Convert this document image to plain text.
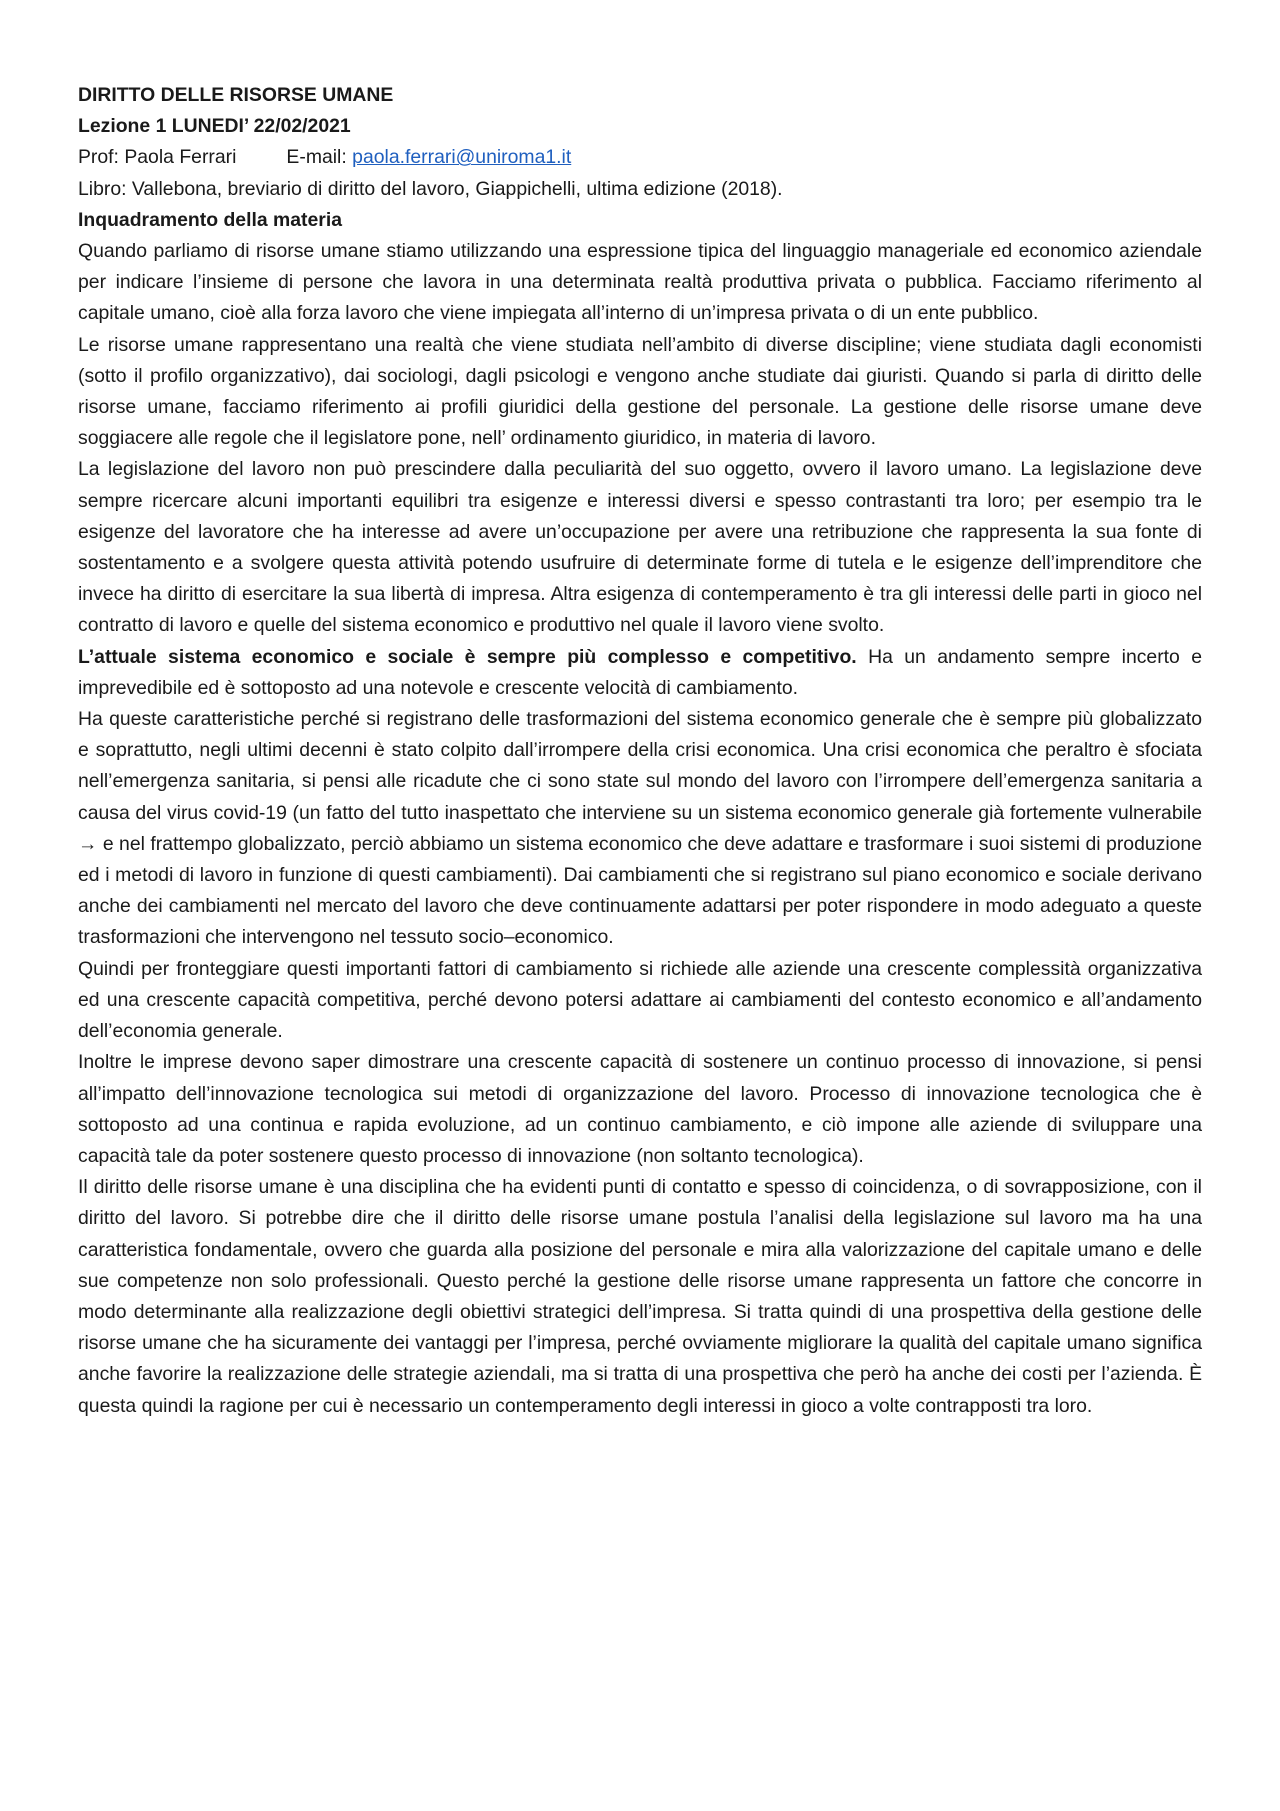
DIRITTO DELLE RISORSE UMANE
Lezione 1 LUNEDI’ 22/02/2021
Prof: Paola Ferrari	E-mail: paola.ferrari@uniroma1.it
Libro: Vallebona, breviario di diritto del lavoro, Giappichelli, ultima edizione (2018).
Inquadramento della materia

Quando parliamo di risorse umane stiamo utilizzando una espressione tipica del linguaggio manageriale ed economico aziendale per indicare l’insieme di persone che lavora in una determinata realtà produttiva privata o pubblica. Facciamo riferimento al capitale umano, cioè alla forza lavoro che viene impiegata all’interno di un’impresa privata o di un ente pubblico.

Le risorse umane rappresentano una realtà che viene studiata nell’ambito di diverse discipline; viene studiata dagli economisti (sotto il profilo organizzativo), dai sociologi, dagli psicologi e vengono anche studiate dai giuristi. Quando si parla di diritto delle risorse umane, facciamo riferimento ai profili giuridici della gestione del personale. La gestione delle risorse umane deve soggiacere alle regole che il legislatore pone, nell’ ordinamento giuridico, in materia di lavoro.

La legislazione del lavoro non può prescindere dalla peculiarità del suo oggetto, ovvero il lavoro umano. La legislazione deve sempre ricercare alcuni importanti equilibri tra esigenze e interessi diversi e spesso contrastanti tra loro; per esempio tra le esigenze del lavoratore che ha interesse ad avere un’occupazione per avere una retribuzione che rappresenta la sua fonte di sostentamento e a svolgere questa attività potendo usufruire di determinate forme di tutela e le esigenze dell’imprenditore che invece ha diritto di esercitare la sua libertà di impresa. Altra esigenza di contemperamento è tra gli interessi delle parti in gioco nel contratto di lavoro e quelle del sistema economico e produttivo nel quale il lavoro viene svolto.

L’attuale sistema economico e sociale è sempre più complesso e competitivo. Ha un andamento sempre incerto e imprevedibile ed è sottoposto ad una notevole e crescente velocità di cambiamento.

Ha queste caratteristiche perché si registrano delle trasformazioni del sistema economico generale che è sempre più globalizzato e soprattutto, negli ultimi decenni è stato colpito dall’irrompere della crisi economica. Una crisi economica che peraltro è sfociata nell’emergenza sanitaria, si pensi alle ricadute che ci sono state sul mondo del lavoro con l’irrompere dell’emergenza sanitaria a causa del virus covid-19 (un fatto del tutto inaspettato che interviene su un sistema economico generale già fortemente vulnerabile → e nel frattempo globalizzato, perciò abbiamo un sistema economico che deve adattare e trasformare i suoi sistemi di produzione ed i metodi di lavoro in funzione di questi cambiamenti). Dai cambiamenti che si registrano sul piano economico e sociale derivano anche dei cambiamenti nel mercato del lavoro che deve continuamente adattarsi per poter rispondere in modo adeguato a queste trasformazioni che intervengono nel tessuto socio–economico.

Quindi per fronteggiare questi importanti fattori di cambiamento si richiede alle aziende una crescente complessità organizzativa ed una crescente capacità competitiva, perché devono potersi adattare ai cambiamenti del contesto economico e all’andamento dell’economia generale.

Inoltre le imprese devono saper dimostrare una crescente capacità di sostenere un continuo processo di innovazione, si pensi all’impatto dell’innovazione tecnologica sui metodi di organizzazione del lavoro. Processo di innovazione tecnologica che è sottoposto ad una continua e rapida evoluzione, ad un continuo cambiamento, e ciò impone alle aziende di sviluppare una capacità tale da poter sostenere questo processo di innovazione (non soltanto tecnologica).

Il diritto delle risorse umane è una disciplina che ha evidenti punti di contatto e spesso di coincidenza, o di sovrapposizione, con il diritto del lavoro. Si potrebbe dire che il diritto delle risorse umane postula l’analisi della legislazione sul lavoro ma ha una caratteristica fondamentale, ovvero che guarda alla posizione del personale e mira alla valorizzazione del capitale umano e delle sue competenze non solo professionali. Questo perché la gestione delle risorse umane rappresenta un fattore che concorre in modo determinante alla realizzazione degli obiettivi strategici dell’impresa. Si tratta quindi di una prospettiva della gestione delle risorse umane che ha sicuramente dei vantaggi per l’impresa, perché ovviamente migliorare la qualità del capitale umano significa anche favorire la realizzazione delle strategie aziendali, ma si tratta di una prospettiva che però ha anche dei costi per l’azienda. È questa quindi la ragione per cui è necessario un contemperamento degli interessi in gioco a volte contrapposti tra loro.
